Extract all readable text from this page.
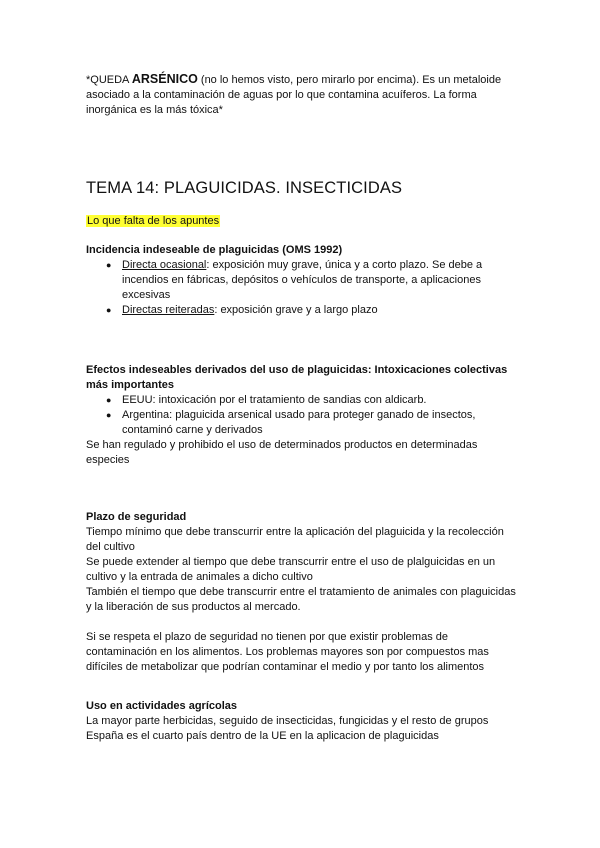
*QUEDA ARSÉNICO (no lo hemos visto, pero mirarlo por encima). Es un metaloide asociado a la contaminación de aguas por lo que contamina acuíferos. La forma inorgánica es la más tóxica*
TEMA 14: PLAGUICIDAS. INSECTICIDAS
Lo que falta de los apuntes

Incidencia indeseable de plaguicidas (OMS 1992)

● Directa ocasional: exposición muy grave, única y a corto plazo. Se debe a incendios en fábricas, depósitos o vehículos de transporte, a aplicaciones excesivas
● Directas reiteradas: exposición grave y a largo plazo

Efectos indeseables derivados del uso de plaguicidas: Intoxicaciones colectivas más importantes

● EEUU: intoxicación por el tratamiento de sandias con aldicarb.
● Argentina: plaguicida arsenical usado para proteger ganado de insectos, contaminó carne y derivados

Se han regulado y prohibido el uso de determinados productos en determinadas especies

Plazo de seguridad

Tiempo mínimo que debe transcurrir entre la aplicación del plaguicida y la recolección del cultivo

Se puede extender al tiempo que debe transcurrir entre el uso de plalguicidas en un cultivo y la entrada de animales a dicho cultivo

También el tiempo que debe transcurrir entre el tratamiento de animales con plaguicidas y la liberación de sus productos al mercado.

Si se respeta el plazo de seguridad no tienen por que existir problemas de contaminación en los alimentos. Los problemas mayores son por compuestos mas difíciles de metabolizar que podrían contaminar el medio y por tanto los alimentos

Uso en actividades agrícolas

La mayor parte herbicidas, seguido de insecticidas, fungicidas y el resto de grupos

España es el cuarto país dentro de la UE en la aplicacion de plaguicidas
